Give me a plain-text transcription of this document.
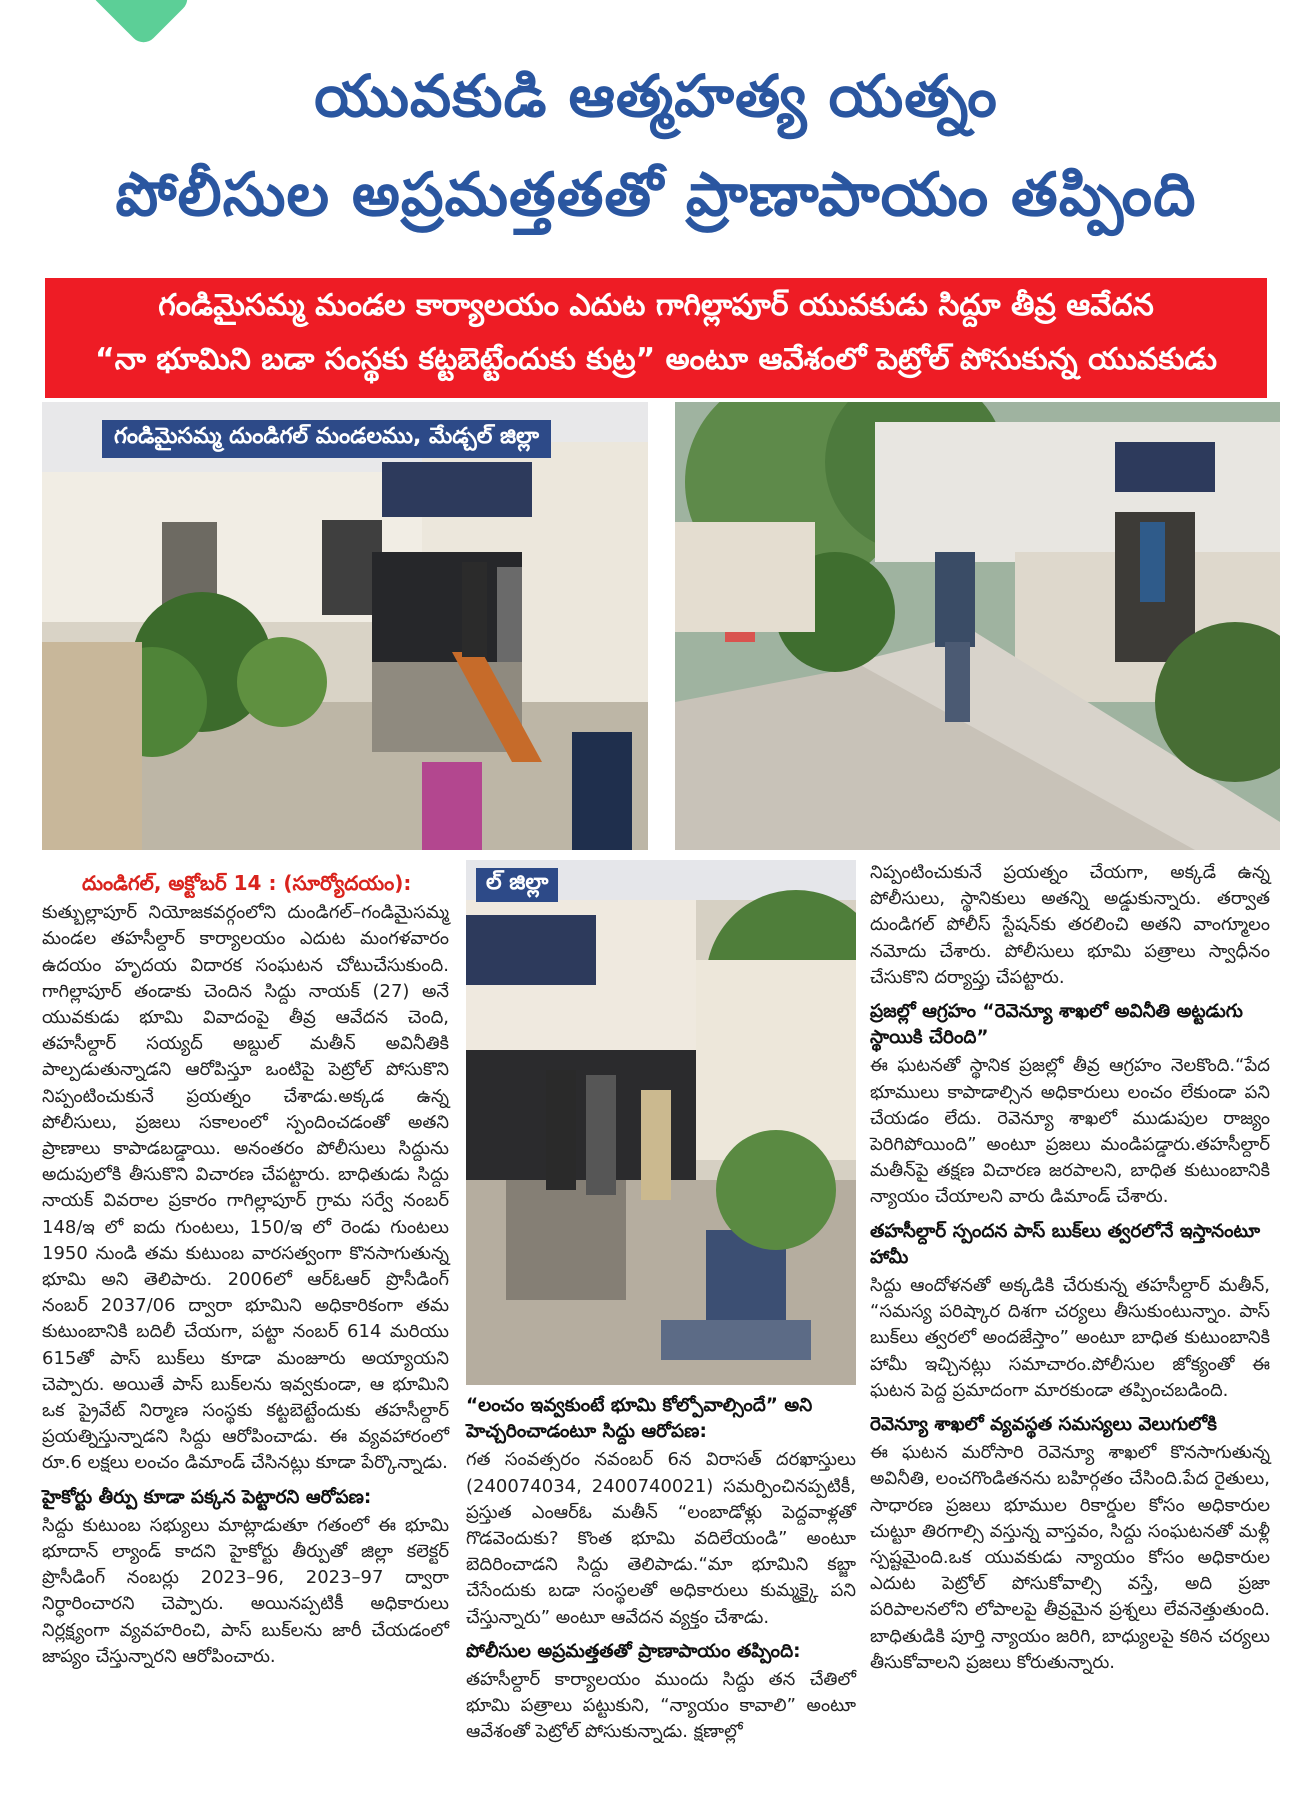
యువకుడి ఆత్మహత్య యత్నం
పోలీసుల అప్రమత్తతతో ప్రాణాపాయం తప్పింది
గండిమైసమ్మ మండల కార్యాలయం ఎదుట గాగిల్లాపూర్ యువకుడు సిద్దూ తీవ్ర ఆవేదన
“నా భూమిని బడా సంస్థకు కట్టబెట్టేందుకు కుట్ర” అంటూ ఆవేశంలో పెట్రోల్ పోసుకున్న యువకుడు
గండిమైసమ్మ దుండిగల్ మండలము, మేడ్చల్ జిల్లా
ల్ జిల్లా
దుండిగల్, అక్టోబర్ 14 : (సూర్యోదయం):

కుత్బుల్లాపూర్ నియోజకవర్గంలోని దుండిగల్–గండిమైసమ్మ మండల తహసీల్దార్ కార్యాలయం ఎదుట మంగళవారం ఉదయం హృదయ విదారక సంఘటన చోటుచేసుకుంది. గాగిల్లాపూర్ తండాకు చెందిన సిద్దు నాయక్ (27) అనే యువకుడు భూమి వివాదంపై తీవ్ర ఆవేదన చెంది, తహసీల్దార్ సయ్యద్ అబ్దుల్ మతీన్ అవినీతికి పాల్పడుతున్నాడని ఆరోపిస్తూ ఒంటిపై పెట్రోల్ పోసుకొని నిప్పంటించుకునే ప్రయత్నం చేశాడు.అక్కడ ఉన్న పోలీసులు, ప్రజలు సకాలంలో స్పందించడంతో అతని ప్రాణాలు కాపాడబడ్డాయి. అనంతరం పోలీసులు సిద్దును అదుపులోకి తీసుకొని విచారణ చేపట్టారు. బాధితుడు సిద్దు నాయక్ వివరాల ప్రకారం గాగిల్లాపూర్ గ్రామ సర్వే నంబర్ 148/ఇ లో ఐదు గుంటలు, 150/ఇ లో రెండు గుంటలు 1950 నుండి తమ కుటుంబ వారసత్వంగా కొనసాగుతున్న భూమి అని తెలిపారు. 2006లో ఆర్ఓఆర్ ప్రొసీడింగ్ నంబర్ 2037/06 ద్వారా భూమిని అధికారికంగా తమ కుటుంబానికి బదిలీ చేయగా, పట్టా నంబర్ 614 మరియు 615తో పాస్ బుక్‌లు కూడా మంజూరు అయ్యాయని చెప్పారు. అయితే పాస్ బుక్‌లను ఇవ్వకుండా, ఆ భూమిని ఒక ప్రైవేట్ నిర్మాణ సంస్థకు కట్టబెట్టేందుకు తహసీల్దార్ ప్రయత్నిస్తున్నాడని సిద్దు ఆరోపించాడు. ఈ వ్యవహారంలో రూ.6 లక్షలు లంచం డిమాండ్ చేసినట్లు కూడా పేర్కొన్నాడు.

హైకోర్టు తీర్పు కూడా పక్కన పెట్టారని ఆరోపణ:

సిద్దు కుటుంబ సభ్యులు మాట్లాడుతూ గతంలో ఈ భూమి భూదాన్ ల్యాండ్ కాదని హైకోర్టు తీర్పుతో జిల్లా కలెక్టర్ ప్రొసీడింగ్ నంబర్లు 2023–96, 2023–97 ద్వారా నిర్ధారించారని చెప్పారు. అయినప్పటికీ అధికారులు నిర్లక్ష్యంగా వ్యవహరించి, పాస్ బుక్‌లను జారీ చేయడంలో జాప్యం చేస్తున్నారని ఆరోపించారు.

“లంచం ఇవ్వకుంటే భూమి కోల్పోవాల్సిందే” అని హెచ్చరించాడంటూ సిద్దు ఆరోపణ:

గత సంవత్సరం నవంబర్ 6న విరాసత్ దరఖాస్తులు (240074034, 2400740021) సమర్పించినప్పటికీ, ప్రస్తుత ఎంఆర్ఓ మతీన్ “లంబాడోళ్లు పెద్దవాళ్లతో గొడవెందుకు? కొంత భూమి వదిలేయండి” అంటూ బెదిరించాడని సిద్దు తెలిపాడు.“మా భూమిని కబ్జా చేసేందుకు బడా సంస్థలతో అధికారులు కుమ్మక్కై పని చేస్తున్నారు” అంటూ ఆవేదన వ్యక్తం చేశాడు.

పోలీసుల అప్రమత్తతతో ప్రాణాపాయం తప్పింది:

తహసీల్దార్ కార్యాలయం ముందు సిద్దు తన చేతిలో భూమి పత్రాలు పట్టుకుని, “న్యాయం కావాలి” అంటూ ఆవేశంతో పెట్రోల్ పోసుకున్నాడు. క్షణాల్లో

నిప్పంటించుకునే ప్రయత్నం చేయగా, అక్కడే ఉన్న పోలీసులు, స్థానికులు అతన్ని అడ్డుకున్నారు. తర్వాత దుండిగల్ పోలీస్ స్టేషన్‌కు తరలించి అతని వాంగ్మూలం నమోదు చేశారు. పోలీసులు భూమి పత్రాలు స్వాధీనం చేసుకొని దర్యాప్తు చేపట్టారు.

ప్రజల్లో ఆగ్రహం “రెవెన్యూ శాఖలో అవినీతి అట్టడుగు స్థాయికి చేరింది”

ఈ ఘటనతో స్థానిక ప్రజల్లో తీవ్ర ఆగ్రహం నెలకొంది.“పేద భూములు కాపాడాల్సిన అధికారులు లంచం లేకుండా పని చేయడం లేదు. రెవెన్యూ శాఖలో ముడుపుల రాజ్యం పెరిగిపోయింది” అంటూ ప్రజలు మండిపడ్డారు.తహసీల్దార్ మతీన్‌పై తక్షణ విచారణ జరపాలని, బాధిత కుటుంబానికి న్యాయం చేయాలని వారు డిమాండ్ చేశారు.

తహసీల్దార్ స్పందన పాస్ బుక్‌లు త్వరలోనే ఇస్తానంటూ హామీ

సిద్దు ఆందోళనతో అక్కడికి చేరుకున్న తహసీల్దార్ మతీన్, “సమస్య పరిష్కార దిశగా చర్యలు తీసుకుంటున్నాం. పాస్ బుక్‌లు త్వరలో అందజేస్తాం” అంటూ బాధిత కుటుంబానికి హామీ ఇచ్చినట్లు సమాచారం.పోలీసుల జోక్యంతో ఈ ఘటన పెద్ద ప్రమాదంగా మారకుండా తప్పించబడింది.

రెవెన్యూ శాఖలో వ్యవస్థత సమస్యలు వెలుగులోకి

ఈ ఘటన మరోసారి రెవెన్యూ శాఖలో కొనసాగుతున్న అవినీతి, లంచగొండితనను బహిర్గతం చేసింది.పేద రైతులు, సాధారణ ప్రజలు భూముల రికార్డుల కోసం అధికారుల చుట్టూ తిరగాల్సి వస్తున్న వాస్తవం, సిద్దు సంఘటనతో మళ్లీ స్పష్టమైంది.ఒక యువకుడు న్యాయం కోసం అధికారుల ఎదుట పెట్రోల్ పోసుకోవాల్సి వస్తే, అది ప్రజా పరిపాలనలోని లోపాలపై తీవ్రమైన ప్రశ్నలు లేవనెత్తుతుంది. బాధితుడికి పూర్తి న్యాయం జరిగి, బాధ్యులపై కఠిన చర్యలు తీసుకోవాలని ప్రజలు కోరుతున్నారు.
